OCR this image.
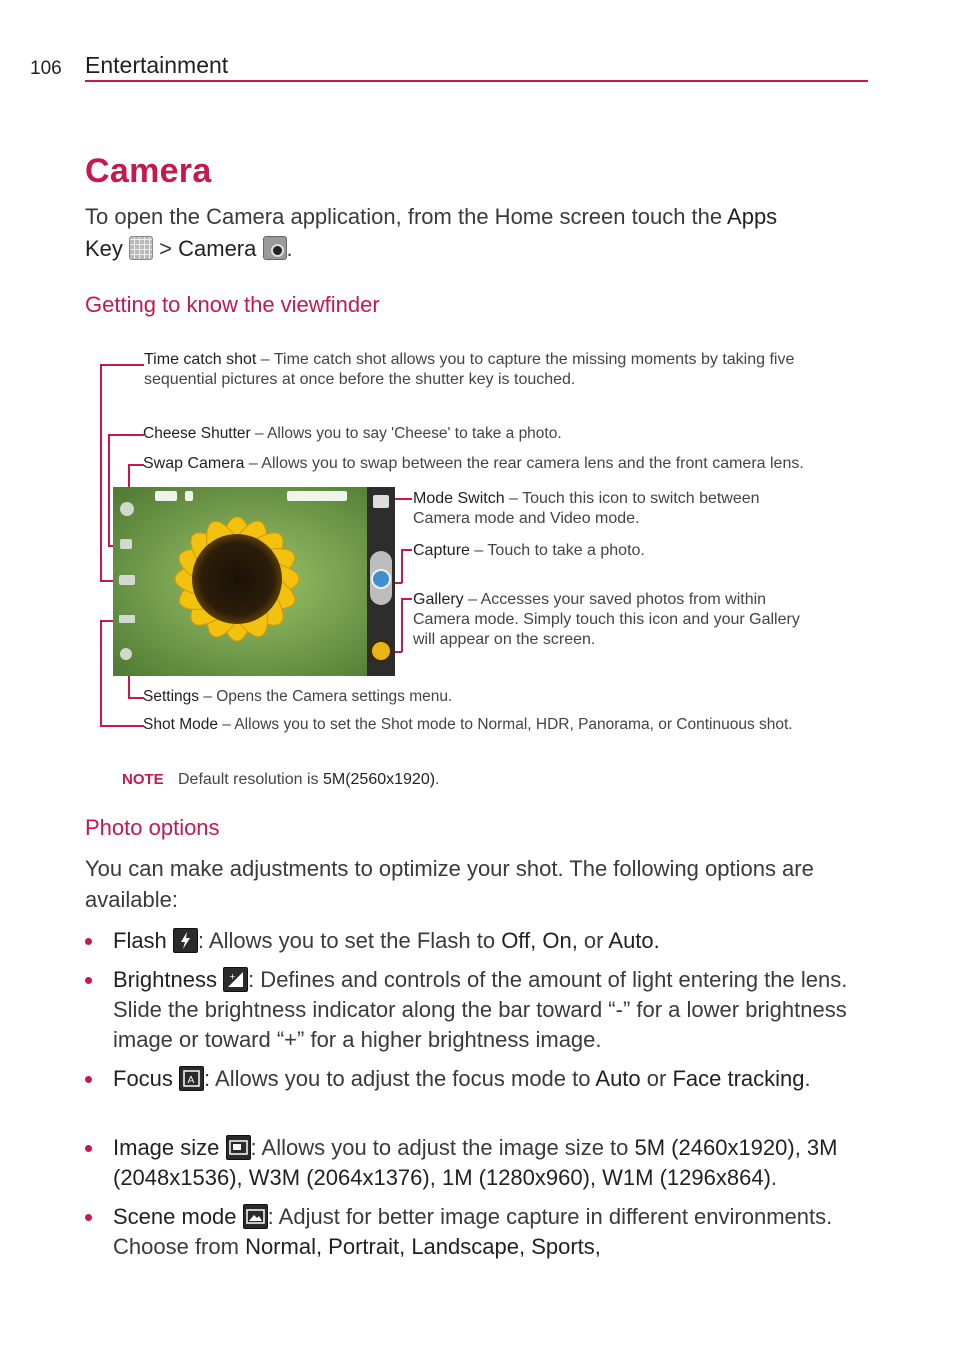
106 Entertainment
Camera
To open the Camera application, from the Home screen touch the Apps
Key  > Camera .
Getting to know the viewfinder
Time catch shot – Time catch shot allows you to capture the missing moments by taking five
sequential pictures at once before the shutter key is touched.
Cheese Shutter – Allows you to say 'Cheese' to take a photo.
Swap Camera – Allows you to swap between the rear camera lens and the front camera lens.
Mode Switch – Touch this icon to switch between
Camera mode and Video mode.
Capture – Touch to take a photo.
Gallery – Accesses your saved photos from within
Camera mode. Simply touch this icon and your Gallery
will appear on the screen.
Settings – Opens the Camera settings menu.
Shot Mode – Allows you to set the Shot mode to Normal, HDR, Panorama, or Continuous shot.
NOTE Default resolution is 5M(2560x1920).
Photo options
You can make adjustments to optimize your shot. The following options are available:
Flash : Allows you to set the Flash to Off, On, or Auto.
Brightness + : Defines and controls of the amount of light entering the lens. Slide the brightness indicator along the bar toward “-” for a lower brightness image or toward “+” for a higher brightness image.
Focus A : Allows you to adjust the focus mode to Auto or Face tracking.
Image size : Allows you to adjust the image size to 5M (2460x1920), 3M (2048x1536), W3M (2064x1376), 1M (1280x960), W1M (1296x864).
Scene mode : Adjust for better image capture in different environments. Choose from Normal, Portrait, Landscape, Sports,
